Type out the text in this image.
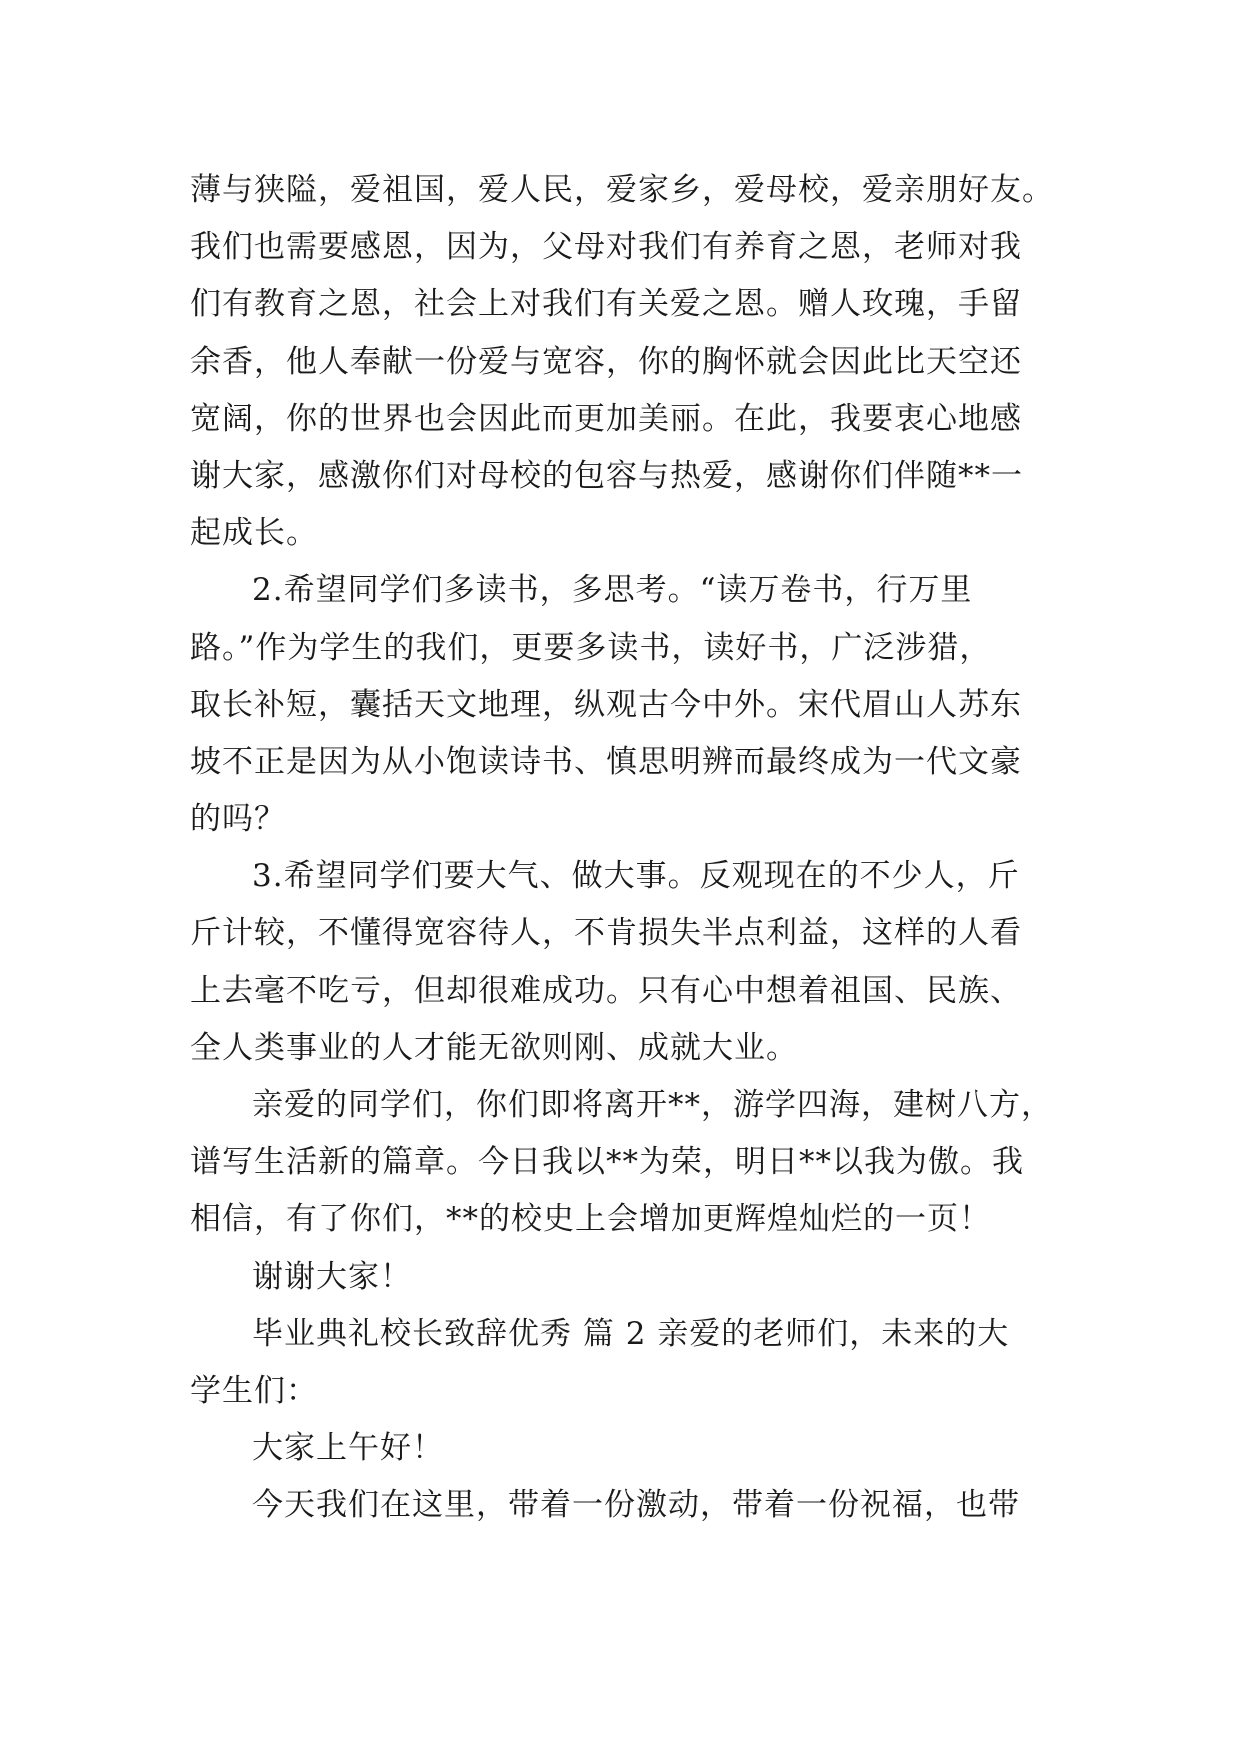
薄与狭隘，爱祖国，爱人民，爱家乡，爱母校，爱亲朋好友。
我们也需要感恩，因为，父母对我们有养育之恩，老师对我
们有教育之恩，社会上对我们有关爱之恩。赠人玫瑰，手留
余香，他人奉献一份爱与宽容，你的胸怀就会因此比天空还
宽阔，你的世界也会因此而更加美丽。在此，我要衷心地感
谢大家，感激你们对母校的包容与热爱，感谢你们伴随**一
起成长。
2.希望同学们多读书，多思考。“读万卷书，行万里
路。”作为学生的我们，更要多读书，读好书，广泛涉猎，
取长补短，囊括天文地理，纵观古今中外。宋代眉山人苏东
坡不正是因为从小饱读诗书、慎思明辨而最终成为一代文豪
的吗？
3.希望同学们要大气、做大事。反观现在的不少人，斤
斤计较，不懂得宽容待人，不肯损失半点利益，这样的人看
上去毫不吃亏，但却很难成功。只有心中想着祖国、民族、
全人类事业的人才能无欲则刚、成就大业。
亲爱的同学们，你们即将离开**，游学四海，建树八方，
谱写生活新的篇章。今日我以**为荣，明日**以我为傲。我
相信，有了你们，**的校史上会增加更辉煌灿烂的一页！
谢谢大家！
毕业典礼校长致辞优秀 篇 2 亲爱的老师们，未来的大
学生们：
大家上午好！
今天我们在这里，带着一份激动，带着一份祝福，也带
